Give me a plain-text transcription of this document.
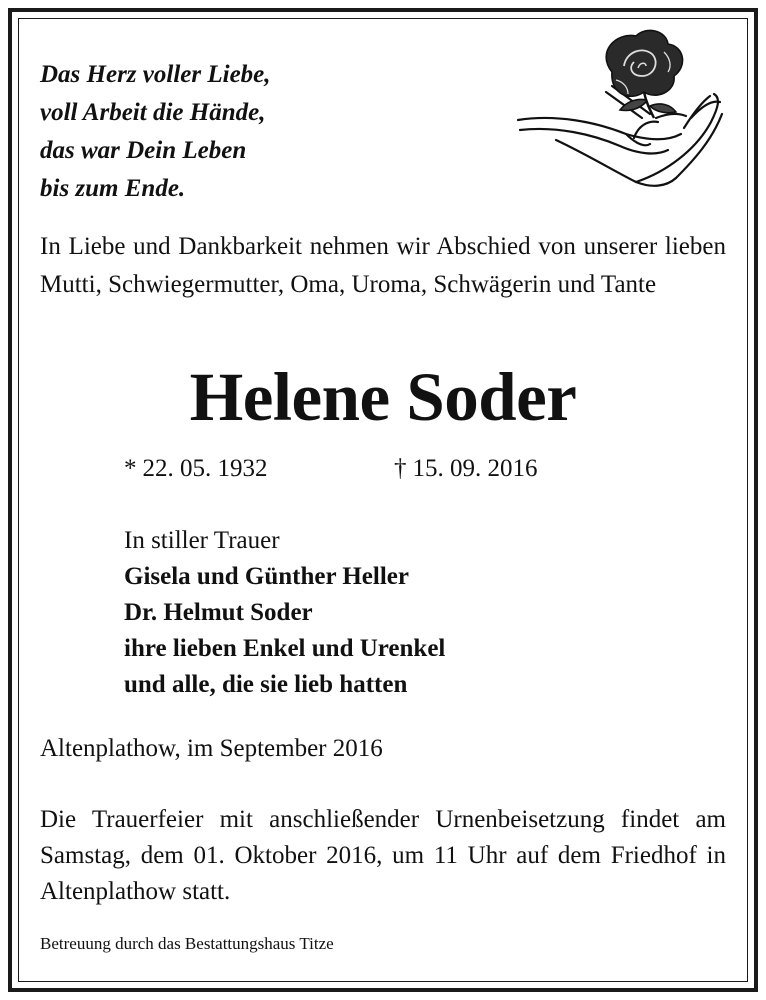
Das Herz voller Liebe,
voll Arbeit die Hände,
das war Dein Leben
bis zum Ende.

In Liebe und Dankbarkeit nehmen wir Abschied von unserer lieben Mutti, Schwiegermutter, Oma, Uroma, Schwägerin und Tante

Helene Soder
* 22. 05. 1932	† 15. 09. 2016
In stiller Trauer
Gisela und Günther Heller
Dr. Helmut Soder
ihre lieben Enkel und Urenkel
und alle, die sie lieb hatten

Altenplathow, im September 2016

Die Trauerfeier mit anschließender Urnenbeisetzung findet am Samstag, dem 01. Oktober 2016, um 11 Uhr auf dem Friedhof in Altenplathow statt.

Betreuung durch das Bestattungshaus Titze
